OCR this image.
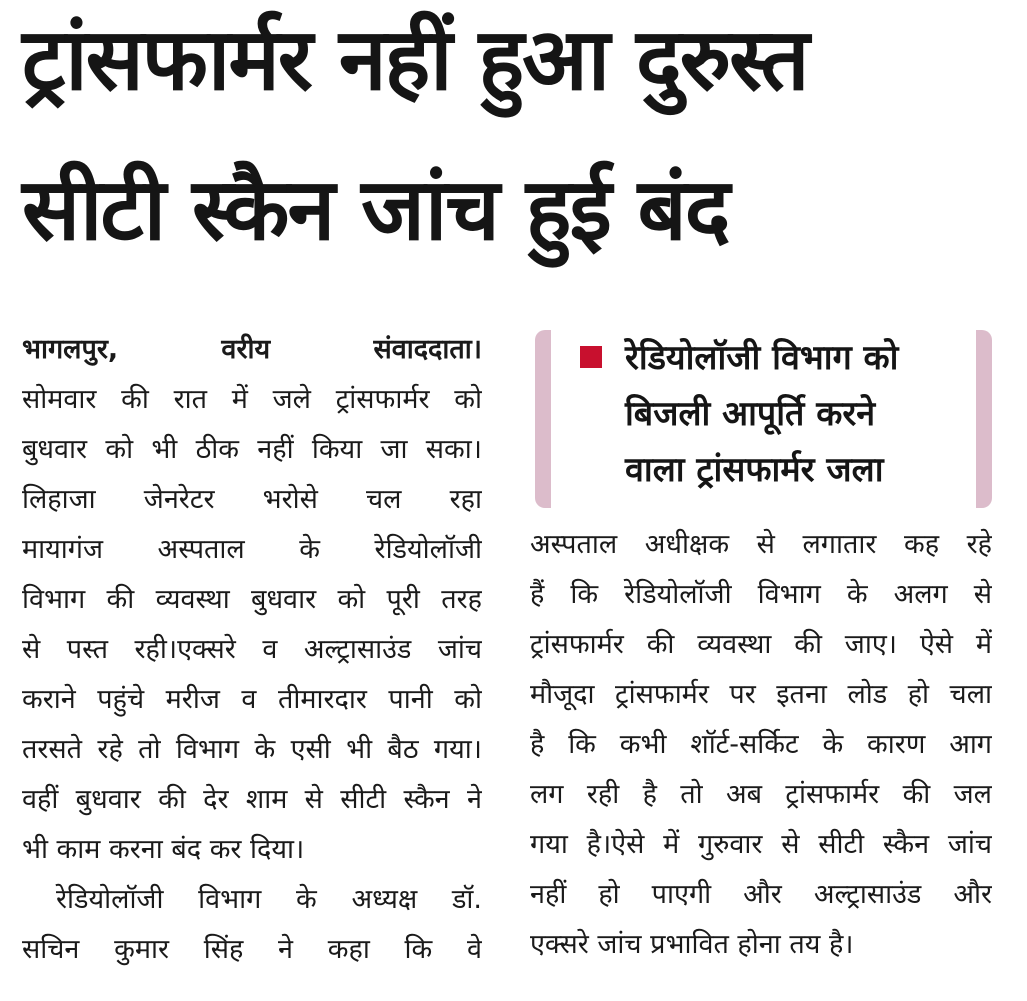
ट्रांसफार्मर नहीं हुआ दुरुस्त
सीटी स्कैन जांच हुई बंद
भागलपुर, वरीय संवाददाता।
सोमवार की रात में जले ट्रांसफार्मर को
बुधवार को भी ठीक नहीं किया जा सका।
लिहाजा जेनरेटर भरोसे चल रहा
मायागंज अस्पताल के रेडियोलॉजी
विभाग की व्यवस्था बुधवार को पूरी तरह
से पस्त रही।एक्सरे व अल्ट्रासाउंड जांच
कराने पहुंचे मरीज व तीमारदार पानी को
तरसते रहे तो विभाग के एसी भी बैठ गया।
वहीं बुधवार की देर शाम से सीटी स्कैन ने
भी काम करना बंद कर दिया।
रेडियोलॉजी विभाग के अध्यक्ष डॉ.
सचिन कुमार सिंह ने कहा कि वे
रेडियोलॉजी विभाग को
बिजली आपूर्ति करने
वाला ट्रांसफार्मर जला
अस्पताल अधीक्षक से लगातार कह रहे
हैं कि रेडियोलॉजी विभाग के अलग से
ट्रांसफार्मर की व्यवस्था की जाए। ऐसे में
मौजूदा ट्रांसफार्मर पर इतना लोड हो चला
है कि कभी शॉर्ट-सर्किट के कारण आग
लग रही है तो अब ट्रांसफार्मर की जल
गया है।ऐसे में गुरुवार से सीटी स्कैन जांच
नहीं हो पाएगी और अल्ट्रासाउंड और
एक्सरे जांच प्रभावित होना तय है।
